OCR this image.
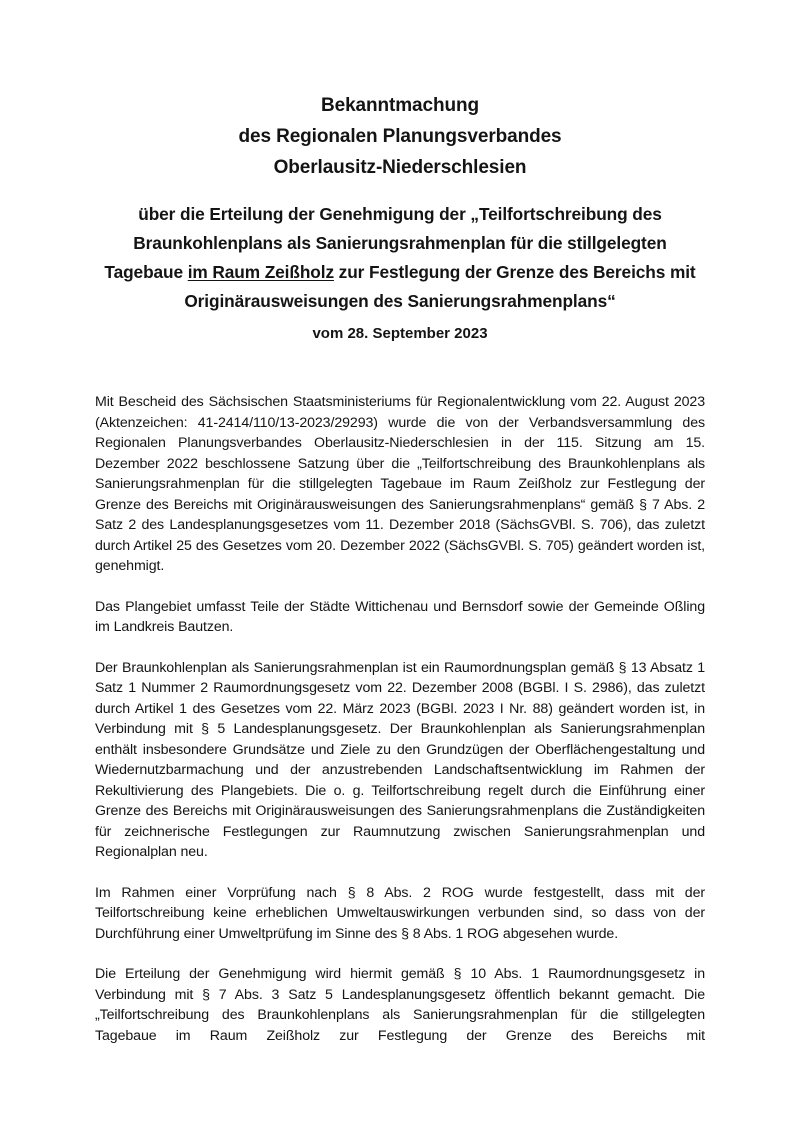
Bekanntmachung
des Regionalen Planungsverbandes
Oberlausitz-Niederschlesien
über die Erteilung der Genehmigung der „Teilfortschreibung des Braunkohlenplans als Sanierungsrahmenplan für die stillgelegten Tagebaue im Raum Zeißholz zur Festlegung der Grenze des Bereichs mit Originärausweisungen des Sanierungsrahmenplans“
vom 28. September 2023

Mit Bescheid des Sächsischen Staatsministeriums für Regionalentwicklung vom 22. August 2023 (Aktenzeichen: 41-2414/110/13-2023/29293) wurde die von der Verbandsversammlung des Regionalen Planungsverbandes Oberlausitz-Niederschlesien in der 115. Sitzung am 15. Dezember 2022 beschlossene Satzung über die „Teilfortschreibung des Braunkohlenplans als Sanierungsrahmenplan für die stillgelegten Tagebaue im Raum Zeißholz zur Festlegung der Grenze des Bereichs mit Originärausweisungen des Sanierungsrahmenplans“ gemäß § 7 Abs. 2 Satz 2 des Landesplanungsgesetzes vom 11. Dezember 2018 (SächsGVBl. S. 706), das zuletzt durch Artikel 25 des Gesetzes vom 20. Dezember 2022 (SächsGVBl. S. 705) geändert worden ist, genehmigt.

Das Plangebiet umfasst Teile der Städte Wittichenau und Bernsdorf sowie der Gemeinde Oßling im Landkreis Bautzen.

Der Braunkohlenplan als Sanierungsrahmenplan ist ein Raumordnungsplan gemäß § 13 Absatz 1 Satz 1 Nummer 2 Raumordnungsgesetz vom 22. Dezember 2008 (BGBl. I S. 2986), das zuletzt durch Artikel 1 des Gesetzes vom 22. März 2023 (BGBl. 2023 I Nr. 88) geändert worden ist, in Verbindung mit § 5 Landesplanungsgesetz. Der Braunkohlenplan als Sanierungsrahmenplan enthält insbesondere Grundsätze und Ziele zu den Grundzügen der Oberflächengestaltung und Wiedernutzbarmachung und der anzustrebenden Landschaftsentwicklung im Rahmen der Rekultivierung des Plangebiets. Die o. g. Teilfortschreibung regelt durch die Einführung einer Grenze des Bereichs mit Originärausweisungen des Sanierungsrahmenplans die Zuständigkeiten für zeichnerische Festlegungen zur Raumnutzung zwischen Sanierungsrahmenplan und Regionalplan neu.

Im Rahmen einer Vorprüfung nach § 8 Abs. 2 ROG wurde festgestellt, dass mit der Teilfortschreibung keine erheblichen Umweltauswirkungen verbunden sind, so dass von der Durchführung einer Umweltprüfung im Sinne des § 8 Abs. 1 ROG abgesehen wurde.

Die Erteilung der Genehmigung wird hiermit gemäß § 10 Abs. 1 Raumordnungsgesetz in Verbindung mit § 7 Abs. 3 Satz 5 Landesplanungsgesetz öffentlich bekannt gemacht. Die „Teilfortschreibung des Braunkohlenplans als Sanierungsrahmenplan für die stillgelegten Tagebaue im Raum Zeißholz zur Festlegung der Grenze des Bereichs mit
